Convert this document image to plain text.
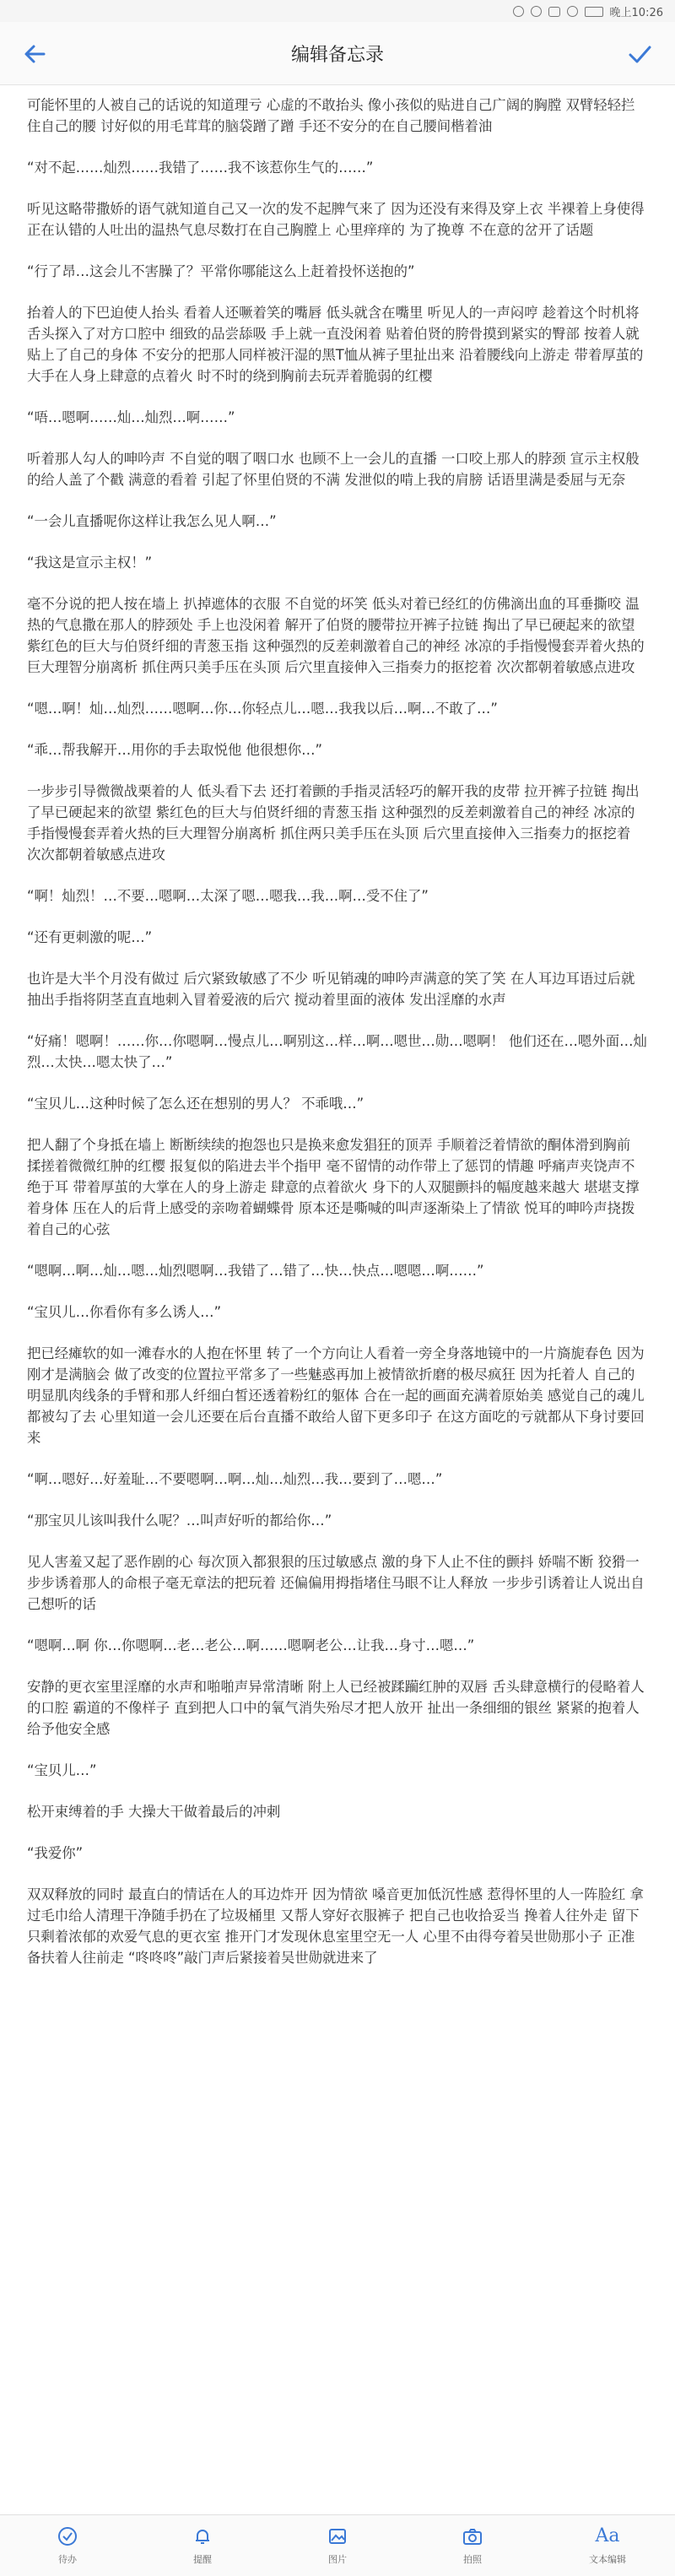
晚上10:26
编辑备忘录

可能怀里的人被自己的话说的知道理亏 心虚的不敢抬头 像小孩似的贴进自己广阔的胸膛 双臂轻轻拦住自己的腰 讨好似的用毛茸茸的脑袋蹭了蹭 手还不安分的在自己腰间楷着油

“对不起……灿烈……我错了……我不该惹你生气的……”

听见这略带撒娇的语气就知道自己又一次的发不起脾气来了 因为还没有来得及穿上衣 半裸着上身使得正在认错的人吐出的温热气息尽数打在自己胸膛上 心里痒痒的 为了挽尊 不在意的岔开了话题

“行了昂…这会儿不害臊了？平常你哪能这么上赶着投怀送抱的”

抬着人的下巴迫使人抬头 看着人还噘着笑的嘴唇 低头就含在嘴里 听见人的一声闷哼 趁着这个时机将舌头探入了对方口腔中 细致的品尝舔吸 手上就一直没闲着 贴着伯贤的胯骨摸到紧实的臀部 按着人就贴上了自己的身体 不安分的把那人同样被汗湿的黑T恤从裤子里扯出来 沿着腰线向上游走 带着厚茧的大手在人身上肆意的点着火 时不时的绕到胸前去玩弄着脆弱的红樱

“唔…嗯啊……灿…灿烈…啊……”

听着那人勾人的呻吟声 不自觉的咽了咽口水 也顾不上一会儿的直播 一口咬上那人的脖颈 宣示主权般的给人盖了个戳 满意的看着 引起了怀里伯贤的不满 发泄似的啃上我的肩膀 话语里满是委屈与无奈

“一会儿直播呢你这样让我怎么见人啊…”

“我这是宣示主权！”

毫不分说的把人按在墙上 扒掉遮体的衣服 不自觉的坏笑 低头对着已经红的仿佛滴出血的耳垂撕咬 温热的气息撒在那人的脖颈处 手上也没闲着 解开了伯贤的腰带拉开裤子拉链 掏出了早已硬起来的欲望 紫红色的巨大与伯贤纤细的青葱玉指 这种强烈的反差刺激着自己的神经 冰凉的手指慢慢套弄着火热的巨大理智分崩离析 抓住两只美手压在头顶 后穴里直接伸入三指奏力的抠挖着 次次都朝着敏感点进攻

“嗯…啊！灿…灿烈……嗯啊…你…你轻点儿…嗯…我我以后…啊…不敢了…”

“乖…帮我解开…用你的手去取悦他 他很想你…”

一步步引导微微战栗着的人 低头看下去 还打着颤的手指灵活轻巧的解开我的皮带 拉开裤子拉链 掏出了早已硬起来的欲望 紫红色的巨大与伯贤纤细的青葱玉指 这种强烈的反差刺激着自己的神经 冰凉的手指慢慢套弄着火热的巨大理智分崩离析 抓住两只美手压在头顶 后穴里直接伸入三指奏力的抠挖着 次次都朝着敏感点进攻

“啊！灿烈！…不要…嗯啊…太深了嗯…嗯我…我…啊…受不住了”

“还有更刺激的呢…”

也许是大半个月没有做过 后穴紧致敏感了不少 听见销魂的呻吟声满意的笑了笑 在人耳边耳语过后就抽出手指将阴茎直直地刺入冒着爱液的后穴 搅动着里面的液体 发出淫靡的水声

“好痛！嗯啊！……你…你嗯啊…慢点儿…啊别这…样…啊…嗯世…勋…嗯啊！ 他们还在…嗯外面…灿烈…太快…嗯太快了…”

“宝贝儿…这种时候了怎么还在想别的男人？ 不乖哦…”

把人翻了个身抵在墙上 断断续续的抱怨也只是换来愈发猖狂的顶弄 手顺着泛着情欲的酮体滑到胸前 揉搓着微微红肿的红樱 报复似的陷进去半个指甲 毫不留情的动作带上了惩罚的情趣 呼痛声夹饶声不绝于耳 带着厚茧的大掌在人的身上游走 肆意的点着欲火 身下的人双腿颤抖的幅度越来越大 堪堪支撑着身体 压在人的后背上感受的亲吻着蝴蝶骨 原本还是嘶喊的叫声逐渐染上了情欲 悦耳的呻吟声挠拨着自己的心弦

“嗯啊…啊…灿…嗯…灿烈嗯啊…我错了…错了…快…快点…嗯嗯…啊……”

“宝贝儿…你看你有多么诱人…”

把已经瘫软的如一滩春水的人抱在怀里 转了一个方向让人看着一旁全身落地镜中的一片旖旎春色 因为刚才是满脑会 做了改变的位置拉平常多了一些魅惑再加上被情欲折磨的极尽疯狂 因为托着人 自己的明显肌肉线条的手臂和那人纤细白皙还透着粉红的躯体 合在一起的画面充满着原始美 感觉自己的魂儿都被勾了去 心里知道一会儿还要在后台直播不敢给人留下更多印子 在这方面吃的亏就都从下身讨要回来

“啊…嗯好…好羞耻…不要嗯啊…啊…灿…灿烈…我…要到了…嗯…”

“那宝贝儿该叫我什么呢？…叫声好听的都给你…”

见人害羞又起了恶作剧的心 每次顶入都狠狠的压过敏感点 激的身下人止不住的颤抖 娇喘不断 狡猾一步步诱着那人的命根子毫无章法的把玩着 还偏偏用拇指堵住马眼不让人释放 一步步引诱着让人说出自己想听的话

“嗯啊…啊 你…你嗯啊…老…老公…啊……嗯啊老公…让我…身寸…嗯…”

安静的更衣室里淫靡的水声和啪啪声异常清晰 附上人已经被蹂躏红肿的双唇 舌头肆意横行的侵略着人的口腔 霸道的不像样子 直到把人口中的氧气消失殆尽才把人放开 扯出一条细细的银丝 紧紧的抱着人给予他安全感

“宝贝儿…”

松开束缚着的手 大操大干做着最后的冲刺

“我爱你”

双双释放的同时 最直白的情话在人的耳边炸开 因为情欲 嗓音更加低沉性感 惹得怀里的人一阵脸红 拿过毛巾给人清理干净随手扔在了垃圾桶里 又帮人穿好衣服裤子 把自己也收拾妥当 搀着人往外走 留下只剩着浓郁的欢爱气息的更衣室 推开门才发现休息室里空无一人 心里不由得夸着吴世勋那小子 正准备扶着人往前走 “咚咚咚”敲门声后紧接着吴世勋就进来了

待办	提醒	图片	拍照
Aa
文本编辑
